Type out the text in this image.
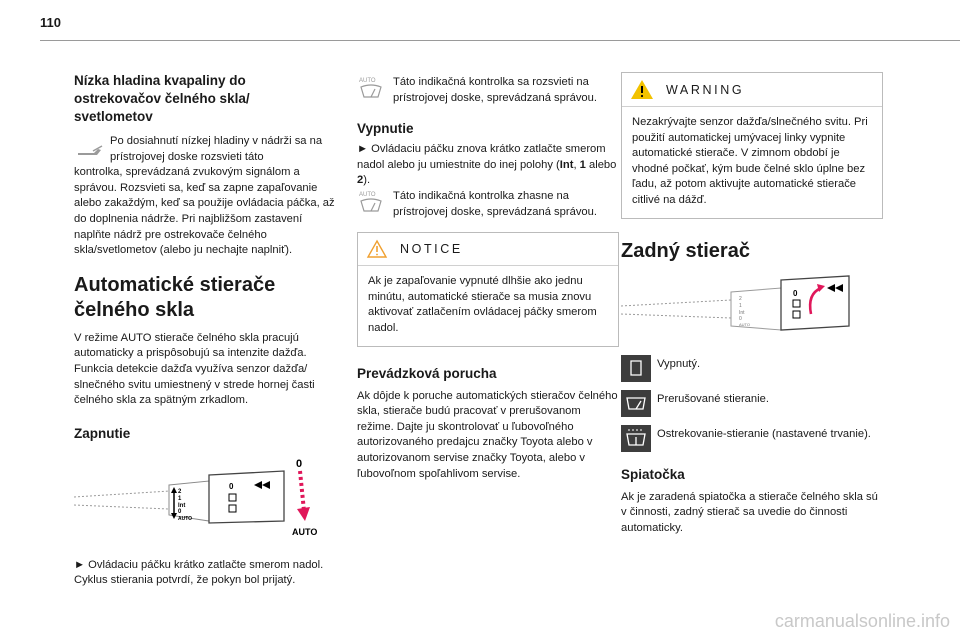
110
Nízka hladina kvapaliny do ostrekovačov čelného skla/ svetlometov
Po dosiahnutí nízkej hladiny v nádrži sa na prístrojovej doske rozsvieti táto
kontrolka, sprevádzaná zvukovým signálom a správou. Rozsvieti sa, keď sa zapne zapaľovanie alebo zakaždým, keď sa použije ovládacia páčka, až do doplnenia nádrže. Pri najbližšom zastavení naplňte nádrž pre ostrekovače čelného skla/svetlometov (alebo ju nechajte naplniť).
Automatické stierače čelného skla
V režime AUTO stierače čelného skla pracujú automaticky a prispôsobujú sa intenzite dažďa. Funkcia detekcie dažďa využíva senzor dažďa/ slnečného svitu umiestnený v strede hornej časti čelného skla za spätným zrkadlom.
Zapnutie
2
1
Int
0
AUTO
0
0
AUTO
► Ovládaciu páčku krátko zatlačte smerom nadol. Cyklus stierania potvrdí, že pokyn bol prijatý.
AUTO	Táto indikačná kontrolka sa rozsvieti na prístrojovej doske, sprevádzaná správou.
Vypnutie
► Ovládaciu páčku znova krátko zatlačte smerom nadol alebo ju umiestnite do inej polohy (Int, 1 alebo 2).
AUTO	Táto indikačná kontrolka zhasne na prístrojovej doske, sprevádzaná správou.
NOTICE
Ak je zapaľovanie vypnuté dlhšie ako jednu minútu, automatické stierače sa musia znovu aktivovať zatlačením ovládacej páčky smerom nadol.
Prevádzková porucha
Ak dôjde k poruche automatických stieračov čelného skla, stierače budú pracovať v prerušovanom režime. Dajte ju skontrolovať u ľubovoľného autorizovaného predajcu značky Toyota alebo v autorizovanom servise značky Toyota, alebo v ľubovoľnom spoľahlivom servise.
WARNING
Nezakrývajte senzor dažďa/slnečného svitu. Pri použití automatickej umývacej linky vypnite automatické stierače. V zimnom období je vhodné počkať, kým bude čelné sklo úplne bez ľadu, až potom aktivujte automatické stierače citlivé na dážď.
Zadný stierač
2
1
Int
0
AUTO
0
Vypnutý.
Prerušované stieranie.
Ostrekovanie-stieranie (nastavené trvanie).
Spiatočka
Ak je zaradená spiatočka a stierače čelného skla sú v činnosti, zadný stierač sa uvedie do činnosti automaticky.
carmanualsonline.info
